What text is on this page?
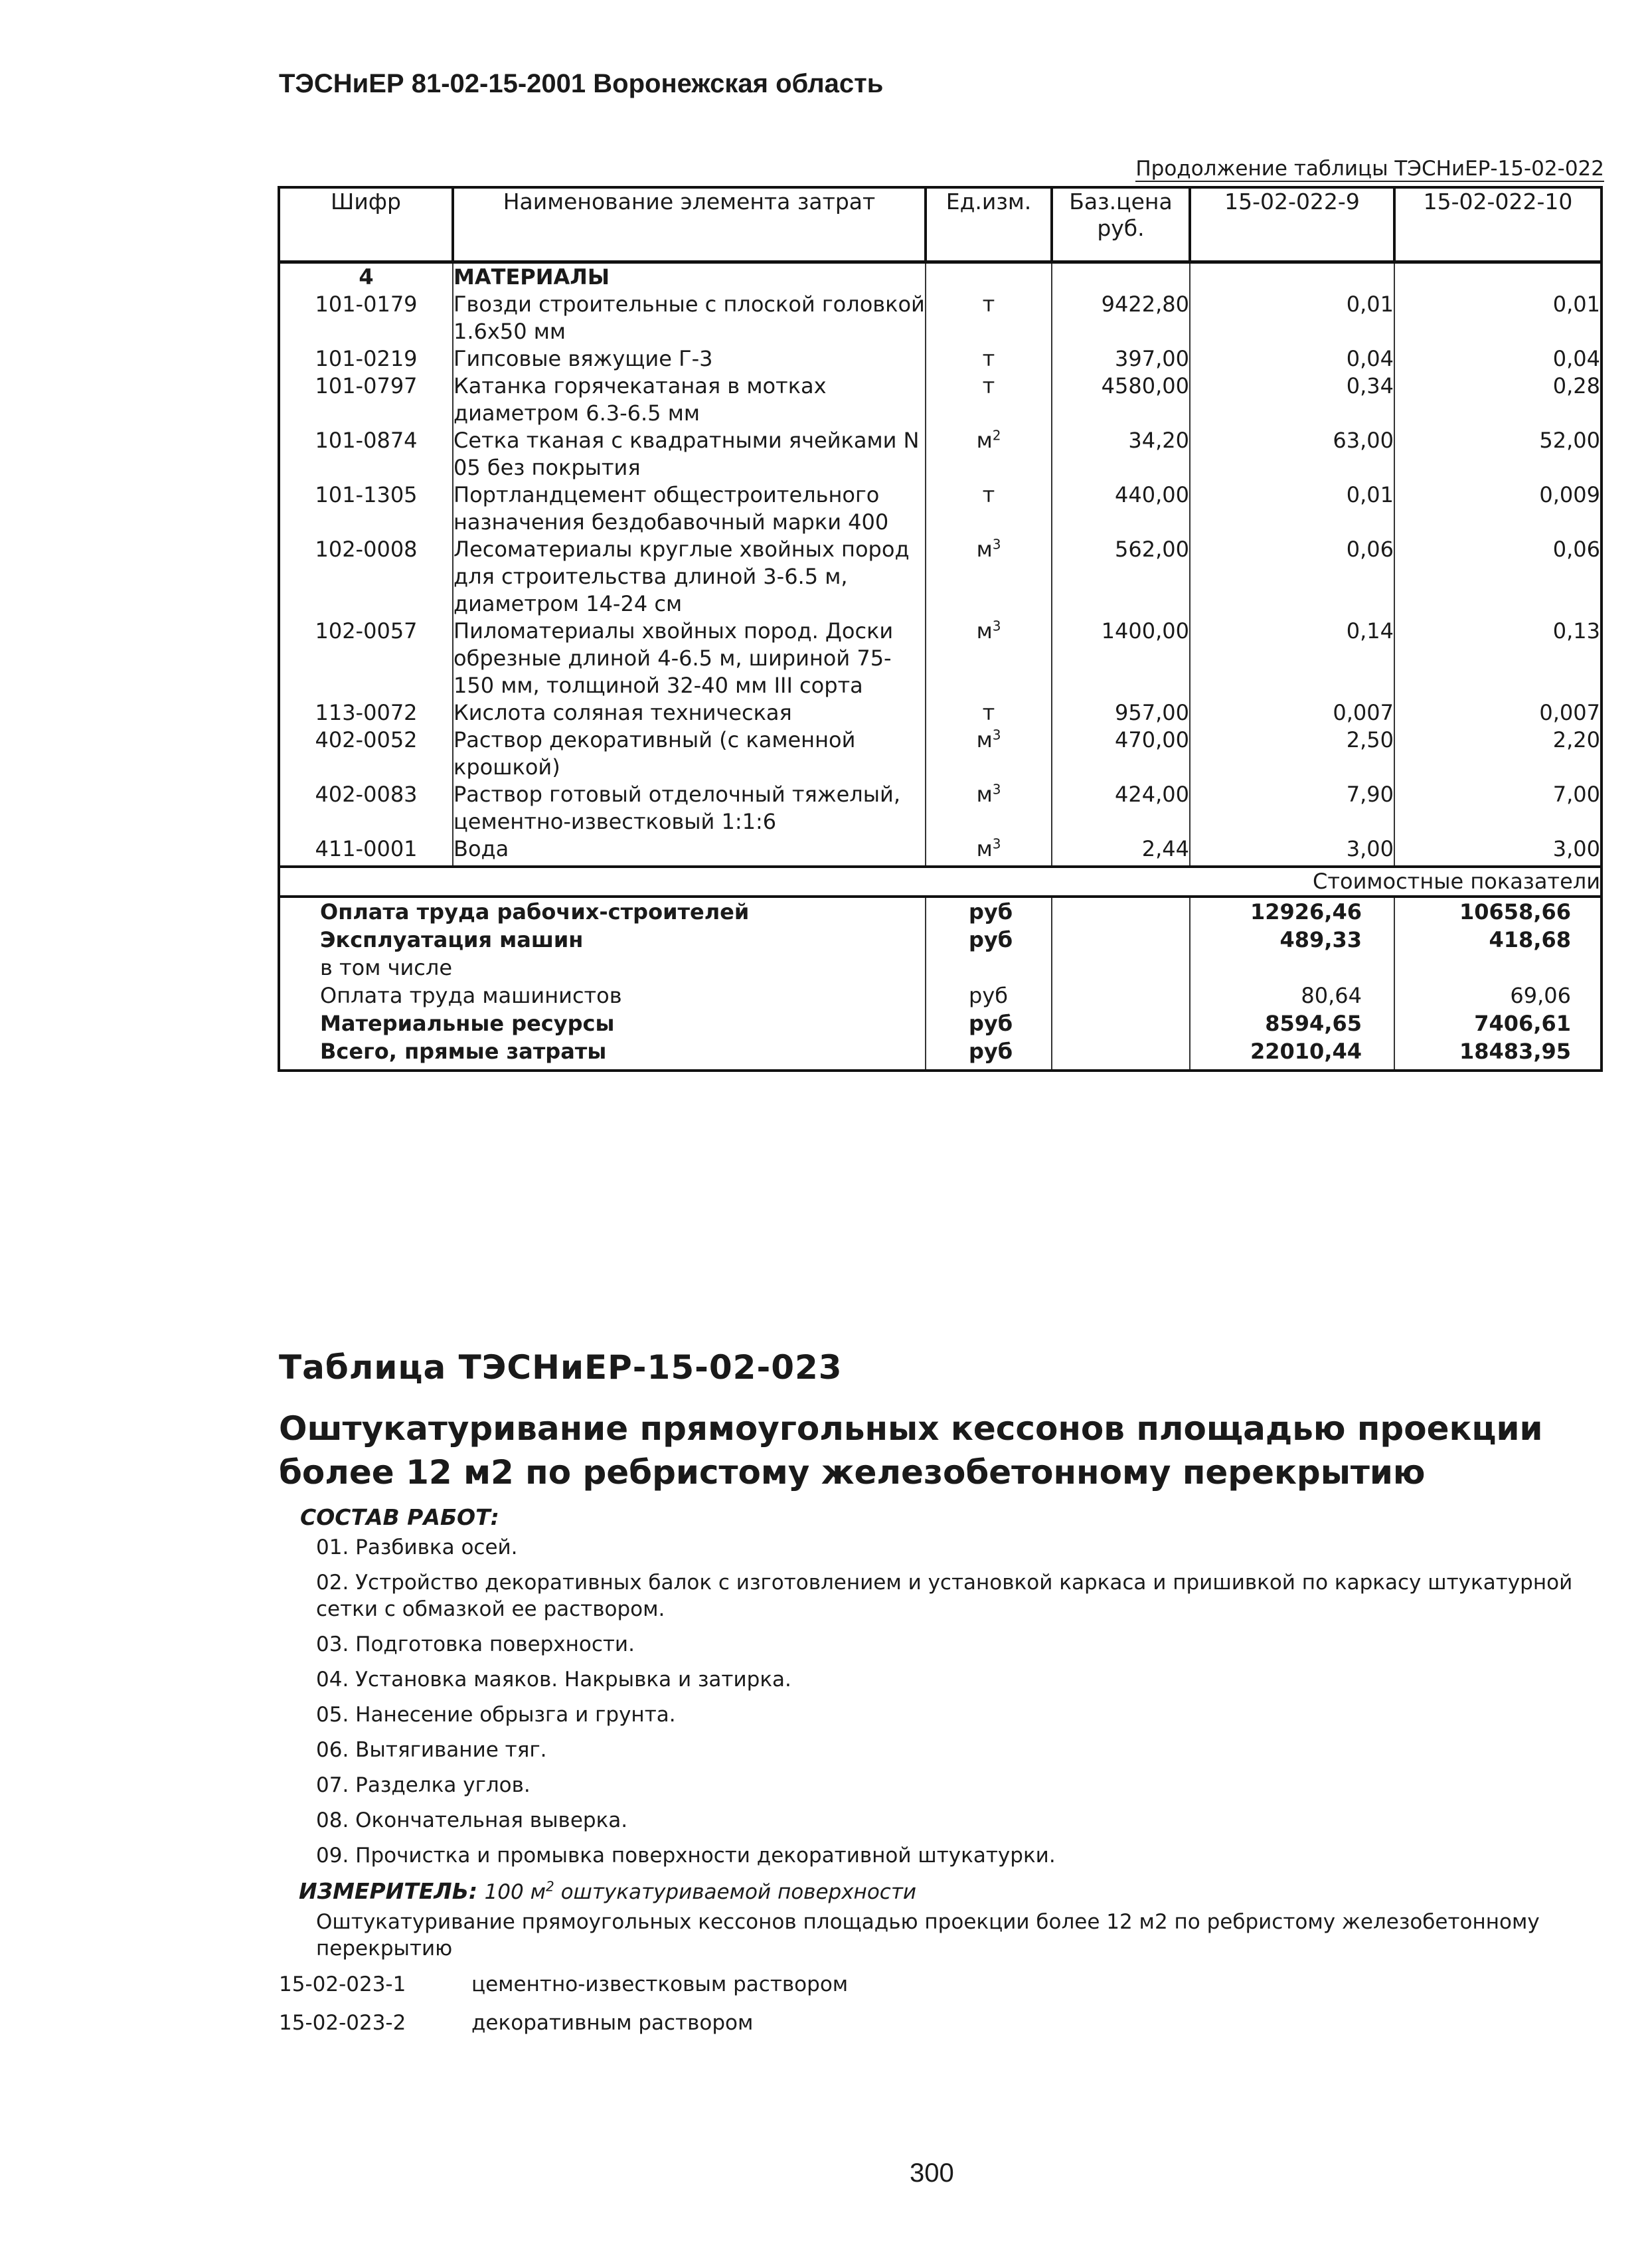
ТЭСНиЕР 81-02-15-2001 Воронежская область
Продолжение таблицы ТЭСНиЕР-15-02-022
Шифр	Наименование элемента затрат	Ед.изм.	Баз.цена руб.	15-02-022-9	15-02-022-10
4	МАТЕРИАЛЫ				
101-0179	Гвозди строительные с плоской головкой 1.6х50 мм	т	9422,80	0,01	0,01
101-0219	Гипсовые вяжущие Г-3	т	397,00	0,04	0,04
101-0797	Катанка горячекатаная в мотках диаметром 6.3-6.5 мм	т	4580,00	0,34	0,28
101-0874	Сетка тканая с квадратными ячейками N 05 без покрытия	$м^2$	34,20	63,00	52,00
101-1305	Портландцемент общестроительного назначения бездобавочный марки 400	т	440,00	0,01	0,009
102-0008	Лесоматериалы круглые хвойных пород для строительства длиной 3-6.5 м, диаметром 14-24 см	$м^3$	562,00	0,06	0,06
102-0057	Пиломатериалы хвойных пород. Доски обрезные длиной 4-6.5 м, шириной 75-150 мм, толщиной 32-40 мм III сорта	$м^3$	1400,00	0,14	0,13
113-0072	Кислота соляная техническая	т	957,00	0,007	0,007
402-0052	Раствор декоративный (с каменной крошкой)	$м^3$	470,00	2,50	2,20
402-0083	Раствор готовый отделочный тяжелый, цементно-известковый 1:1:6	$м^3$	424,00	7,90	7,00
411-0001	Вода	$м^3$	2,44	3,00	3,00

Стоимостные показатели					
Оплата труда рабочих-строителей		руб		12926,46	10658,66
Эксплуатация машин		руб		489,33	418,68
в том числе					
Оплата труда машинистов		руб		80,64	69,06
Материальные ресурсы		руб		8594,65	7406,61
Всего, прямые затраты		руб		22010,44	18483,95
Таблица ТЭСНиЕР-15-02-023
Оштукатуривание прямоугольных кессонов площадью проекции более 12 м2 по ребристому железобетонному перекрытию
СОСТАВ РАБОТ:
01. Разбивка осей.
02. Устройство декоративных балок с изготовлением и установкой каркаса и пришивкой по каркасу штукатурной сетки с обмазкой ее раствором.
03. Подготовка поверхности.
04. Установка маяков. Накрывка и затирка.
05. Нанесение обрызга и грунта.
06. Вытягивание тяг.
07. Разделка углов.
08. Окончательная выверка.
09. Прочистка и промывка поверхности декоративной штукатурки.
ИЗМЕРИТЕЛЬ: 100 $м^2$ оштукатуриваемой поверхности
Оштукатуривание прямоугольных кессонов площадью проекции более 12 м2 по ребристому железобетонному перекрытию
15-02-023-1	цементно-известковым раствором
15-02-023-2	декоративным раствором
300
